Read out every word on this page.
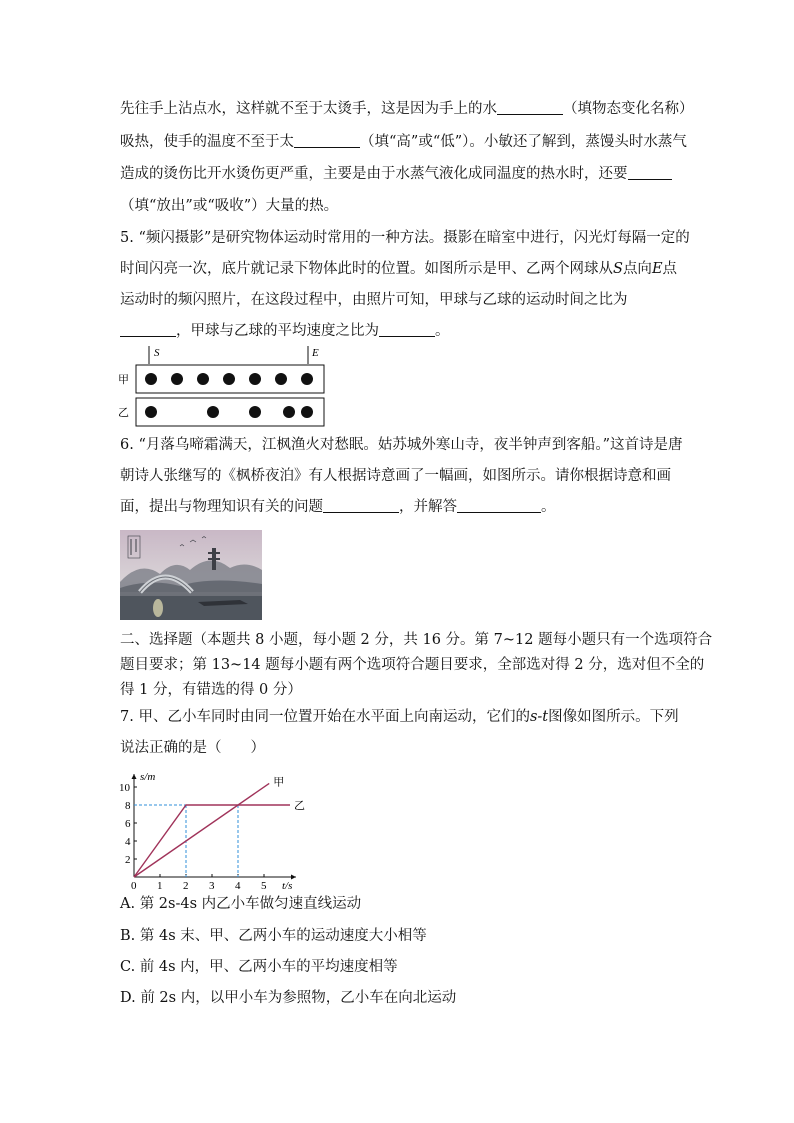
先往手上沾点水，这样就不至于太烫手，这是因为手上的水	（填物态变化名称）
吸热，使手的温度不至于太	（填“高”或“低”）。小敏还了解到，蒸馒头时水蒸气
造成的烫伤比开水烫伤更严重，主要是由于水蒸气液化成同温度的热水时，还要
（填“放出”或“吸收”）大量的热。
5. “频闪摄影”是研究物体运动时常用的一种方法。摄影在暗室中进行，闪光灯每隔一定的
时间闪亮一次，底片就记录下物体此时的位置。如图所示是甲、乙两个网球从S点向E点
运动时的频闪照片，在这段过程中，由照片可知，甲球与乙球的运动时间之比为
，甲球与乙球的平均速度之比为	。
S	E
甲
乙
6. “月落乌啼霜满天，江枫渔火对愁眠。姑苏城外寒山寺，夜半钟声到客船。”这首诗是唐
朝诗人张继写的《枫桥夜泊》有人根据诗意画了一幅画，如图所示。请你根据诗意和画
面，提出与物理知识有关的问题	，并解答	。
二、选择题（本题共 8 小题，每小题 2 分，共 16 分。第 7~12 题每小题只有一个选项符合
题目要求；第 13~14 题每小题有两个选项符合题目要求，全部选对得 2 分，选对但不全的
得 1 分，有错选的得 0 分）
7. 甲、乙小车同时由同一位置开始在水平面上向南运动，它们的s-t图像如图所示。下列
说法正确的是（　　）
0 1 2 3 4 5
2
4
6
8
10
s/m
t/s
甲
乙
A. 第 2s-4s 内乙小车做匀速直线运动
B. 第 4s 末、甲、乙两小车的运动速度大小相等
C. 前 4s 内，甲、乙两小车的平均速度相等
D. 前 2s 内，以甲小车为参照物，乙小车在向北运动
